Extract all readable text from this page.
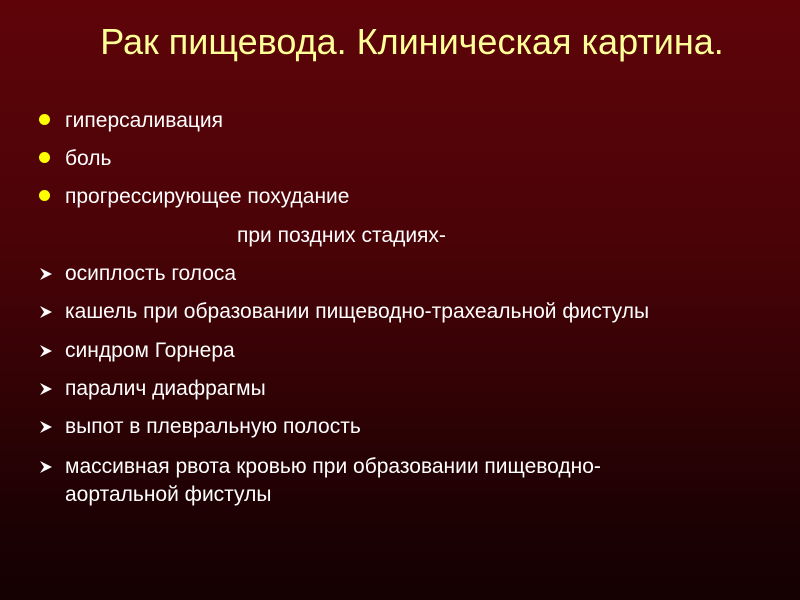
Рак пищевода. Клиническая картина.
гиперсаливация
боль
прогрессирующее похудание
при поздних стадиях-
осиплость голоса
кашель при образовании пищеводно-трахеальной фистулы
синдром Горнера
паралич диафрагмы
выпот в плевральную полость
массивная рвота кровью при образовании пищеводно-аортальной фистулы
